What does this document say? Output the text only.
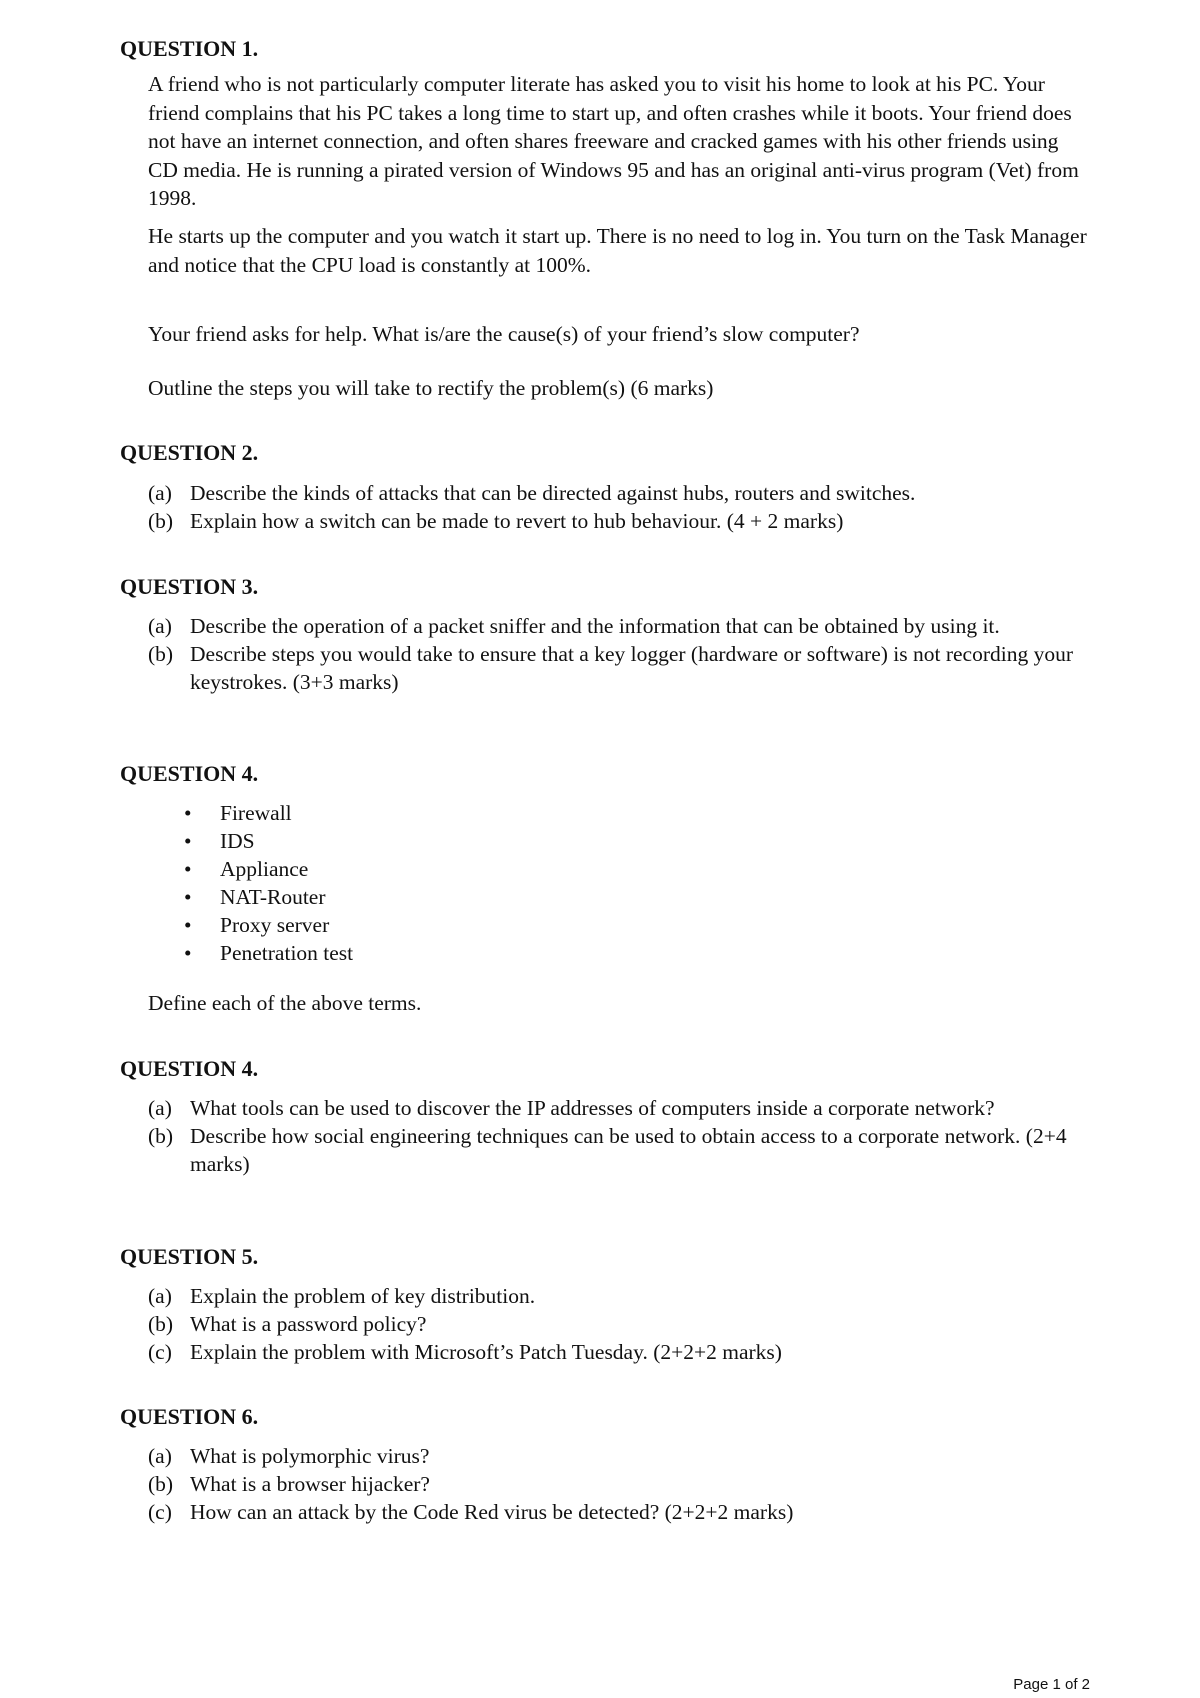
QUESTION 1.

A friend who is not particularly computer literate has asked you to visit his home to look at his PC. Your friend complains that his PC takes a long time to start up, and often crashes while it boots. Your friend does not have an internet connection, and often shares freeware and cracked games with his other friends using CD media. He is running a pirated version of Windows 95 and has an original anti-virus program (Vet) from 1998.

He starts up the computer and you watch it start up. There is no need to log in. You turn on the Task Manager and notice that the CPU load is constantly at 100%.

Your friend asks for help. What is/are the cause(s) of your friend’s slow computer?

Outline the steps you will take to rectify the problem(s) (6 marks)

QUESTION 2.
(a) Describe the kinds of attacks that can be directed against hubs, routers and switches.
(b) Explain how a switch can be made to revert to hub behaviour. (4 + 2 marks)
QUESTION 3.
(a) Describe the operation of a packet sniffer and the information that can be obtained by using it.
(b) Describe steps you would take to ensure that a key logger (hardware or software) is not recording your keystrokes. (3+3 marks)
QUESTION 4.
• Firewall
• IDS
• Appliance
• NAT-Router
• Proxy server
• Penetration test

Define each of the above terms.

QUESTION 4.
(a) What tools can be used to discover the IP addresses of computers inside a corporate network?
(b) Describe how social engineering techniques can be used to obtain access to a corporate network. (2+4 marks)
QUESTION 5.
(a) Explain the problem of key distribution.
(b) What is a password policy?
(c) Explain the problem with Microsoft’s Patch Tuesday. (2+2+2 marks)
QUESTION 6.
(a) What is polymorphic virus?
(b) What is a browser hijacker?
(c) How can an attack by the Code Red virus be detected? (2+2+2 marks)
Page 1 of 2
